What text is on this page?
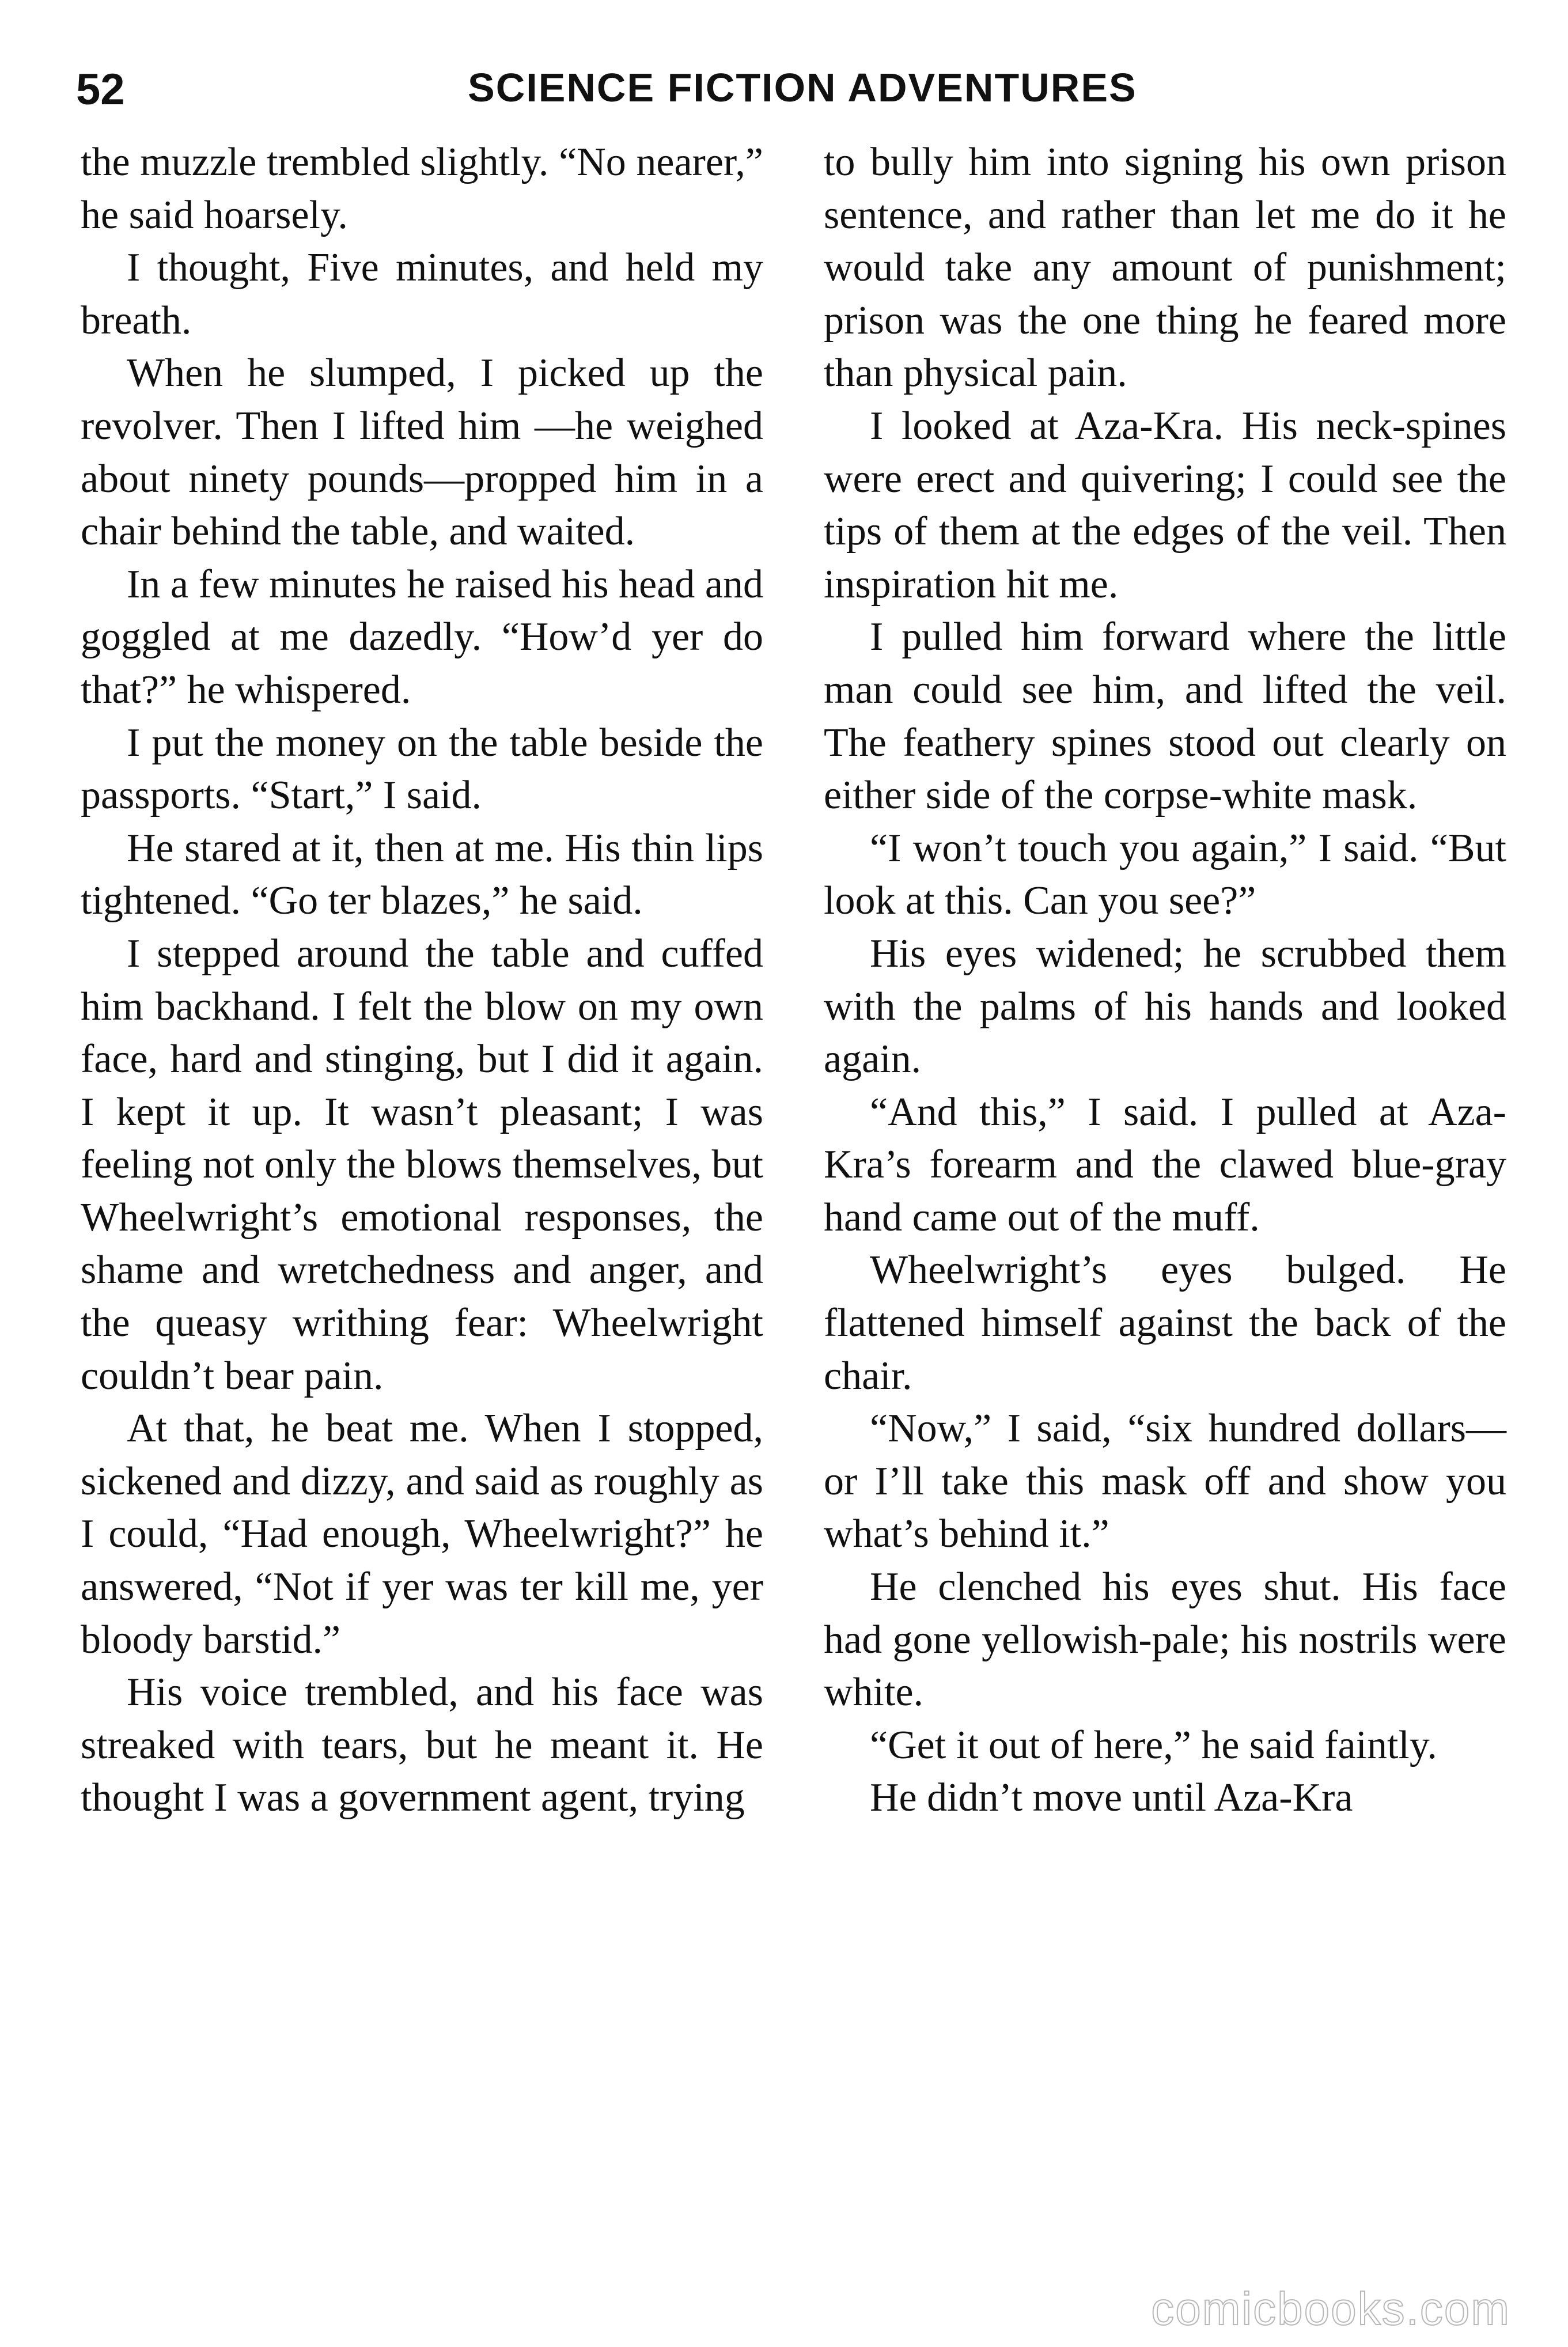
52	SCIENCE FICTION ADVENTURES

the muzzle trembled slightly. “No nearer,” he said hoarsely.

I thought, Five minutes, and held my breath.

When he slumped, I picked up the revolver. Then I lifted him —he weighed about ninety pounds—propped him in a chair behind the table, and waited.

In a few minutes he raised his head and goggled at me dazedly. “How’d yer do that?” he whispered.

I put the money on the table beside the passports. “Start,” I said.

He stared at it, then at me. His thin lips tightened. “Go ter blazes,” he said.

I stepped around the table and cuffed him backhand. I felt the blow on my own face, hard and stinging, but I did it again. I kept it up. It wasn’t pleasant; I was feeling not only the blows themselves, but Wheelwright’s emotional responses, the shame and wretchedness and anger, and the queasy writhing fear: Wheelwright couldn’t bear pain.

At that, he beat me. When I stopped, sickened and dizzy, and said as roughly as I could, “Had enough, Wheelwright?” he answered, “Not if yer was ter kill me, yer bloody barstid.”

His voice trembled, and his face was streaked with tears, but he meant it. He thought I was a government agent, trying

to bully him into signing his own prison sentence, and rather than let me do it he would take any amount of punishment; prison was the one thing he feared more than physical pain.

I looked at Aza-Kra. His neck-spines were erect and quivering; I could see the tips of them at the edges of the veil. Then inspiration hit me.

I pulled him forward where the little man could see him, and lifted the veil. The feathery spines stood out clearly on either side of the corpse-white mask.

“I won’t touch you again,” I said. “But look at this. Can you see?”

His eyes widened; he scrubbed them with the palms of his hands and looked again.

“And this,” I said. I pulled at Aza-Kra’s forearm and the clawed blue-gray hand came out of the muff.

Wheelwright’s eyes bulged. He flattened himself against the back of the chair.

“Now,” I said, “six hundred dollars—or I’ll take this mask off and show you what’s behind it.”

He clenched his eyes shut. His face had gone yellowish-pale; his nostrils were white.

“Get it out of here,” he said faintly.

He didn’t move until Aza-Kra

comicbooks.com
